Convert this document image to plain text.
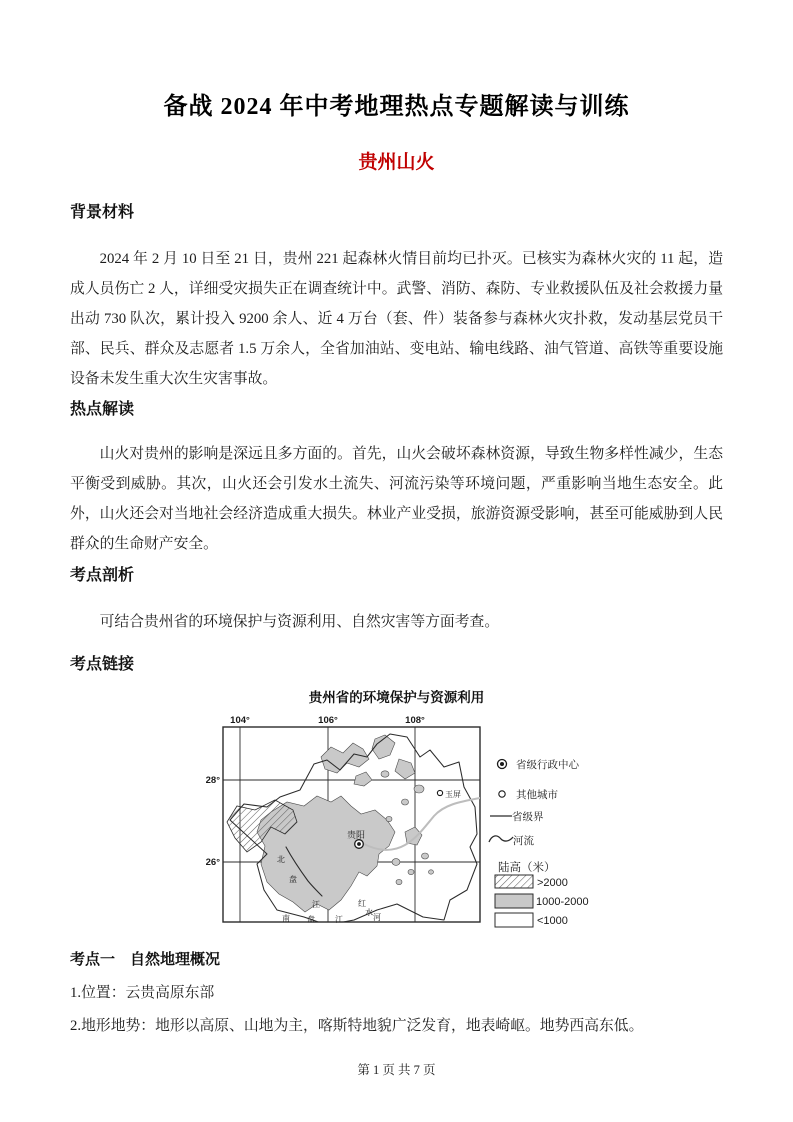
备战 2024 年中考地理热点专题解读与训练
贵州山火
背景材料

2024 年 2 月 10 日至 21 日，贵州 221 起森林火情目前均已扑灭。已核实为森林火灾的 11 起，造成人员伤亡 2 人，详细受灾损失正在调查统计中。武警、消防、森防、专业救援队伍及社会救援力量出动 730 队次，累计投入 9200 余人、近 4 万台（套、件）装备参与森林火灾扑救，发动基层党员干部、民兵、群众及志愿者 1.5 万余人，全省加油站、变电站、输电线路、油气管道、高铁等重要设施设备未发生重大次生灾害事故。

热点解读

山火对贵州的影响是深远且多方面的。首先，山火会破坏森林资源，导致生物多样性减少，生态平衡受到威胁。其次，山火还会引发水土流失、河流污染等环境问题，严重影响当地生态安全。此外，山火还会对当地社会经济造成重大损失。林业产业受损，旅游资源受影响，甚至可能威胁到人民群众的生命财产安全。

考点剖析

可结合贵州省的环境保护与资源利用、自然灾害等方面考查。

考点链接
贵州省的环境保护与资源利用
104°	106°	108°
28°
26°
贵阳
玉屏
北
盘
江
南 盘	江
红
水
河
省级行政中心
其他城市
省级界
河流
陆高（米）
>2000
1000-2000
<1000
考点一　自然地理概况

1.位置：云贵高原东部

2.地形地势：地形以高原、山地为主，喀斯特地貌广泛发育，地表崎岖。地势西高东低。

第 1 页 共 7 页
